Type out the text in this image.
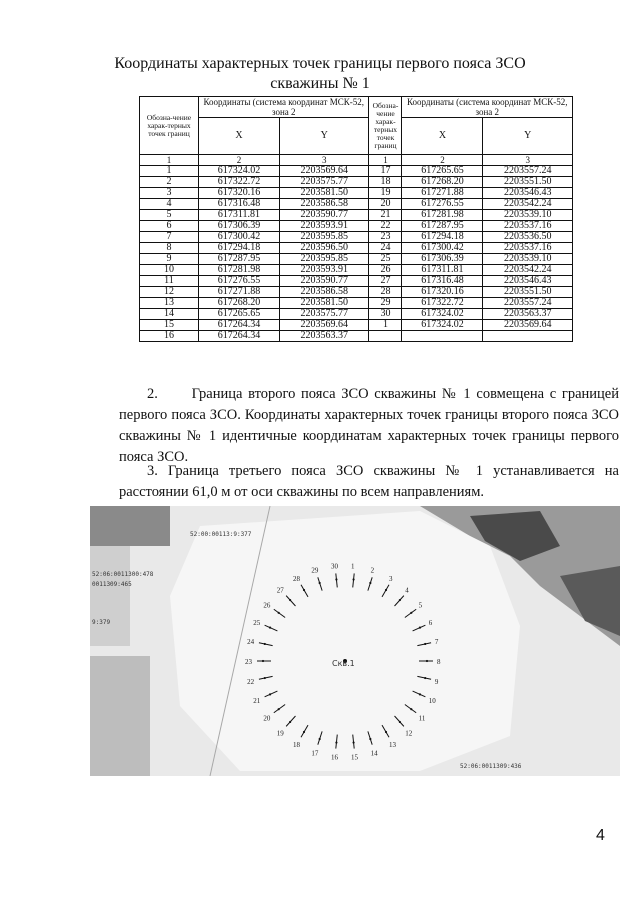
Координаты характерных точек границы первого пояса ЗСО
скважины № 1
Обозна-чение харак-терных точек границ	Координаты (система координат МСК-52, зона 2		Обозна-чение харак-терных точек границ	Координаты (система координат МСК-52, зона 2	
	X	Y		X	Y
1	2	3	1	2	3
1	617324.02	2203569.64	17	617265.65	2203557.24
2	617322.72	2203575.77	18	617268.20	2203551.50
3	617320.16	2203581.50	19	617271.88	2203546.43
4	617316.48	2203586.58	20	617276.55	2203542.24
5	617311.81	2203590.77	21	617281.98	2203539.10
6	617306.39	2203593.91	22	617287.95	2203537.16
7	617300.42	2203595.85	23	617294.18	2203536.50
8	617294.18	2203596.50	24	617300.42	2203537.16
9	617287.95	2203595.85	25	617306.39	2203539.10
10	617281.98	2203593.91	26	617311.81	2203542.24
11	617276.55	2203590.77	27	617316.48	2203546.43
12	617271.88	2203586.58	28	617320.16	2203551.50
13	617268.20	2203581.50	29	617322.72	2203557.24
14	617265.65	2203575.77	30	617324.02	2203563.37
15	617264.34	2203569.64	1	617324.02	2203569.64
16	617264.34	2203563.37			
2. Граница второго пояса ЗСО скважины № 1 совмещена с границей первого пояса ЗСО. Координаты характерных точек границы второго пояса ЗСО скважины № 1 идентичные координатам характерных точек границы первого пояса ЗСО.
3. Граница третьего пояса ЗСО скважины № 1 устанавливается на расстоянии 61,0 м от оси скважины по всем направлениям.
1
2
3
4
5
6
7
8
9
10
11
12
13
14
15
16
17
18
19
20
21
22
23
24
25
26
27
28
29
30
Скв.1
52:00:00113:9:377
52:06:0011300:478
0011309:465
9:379
52:06:0011309:436
4
